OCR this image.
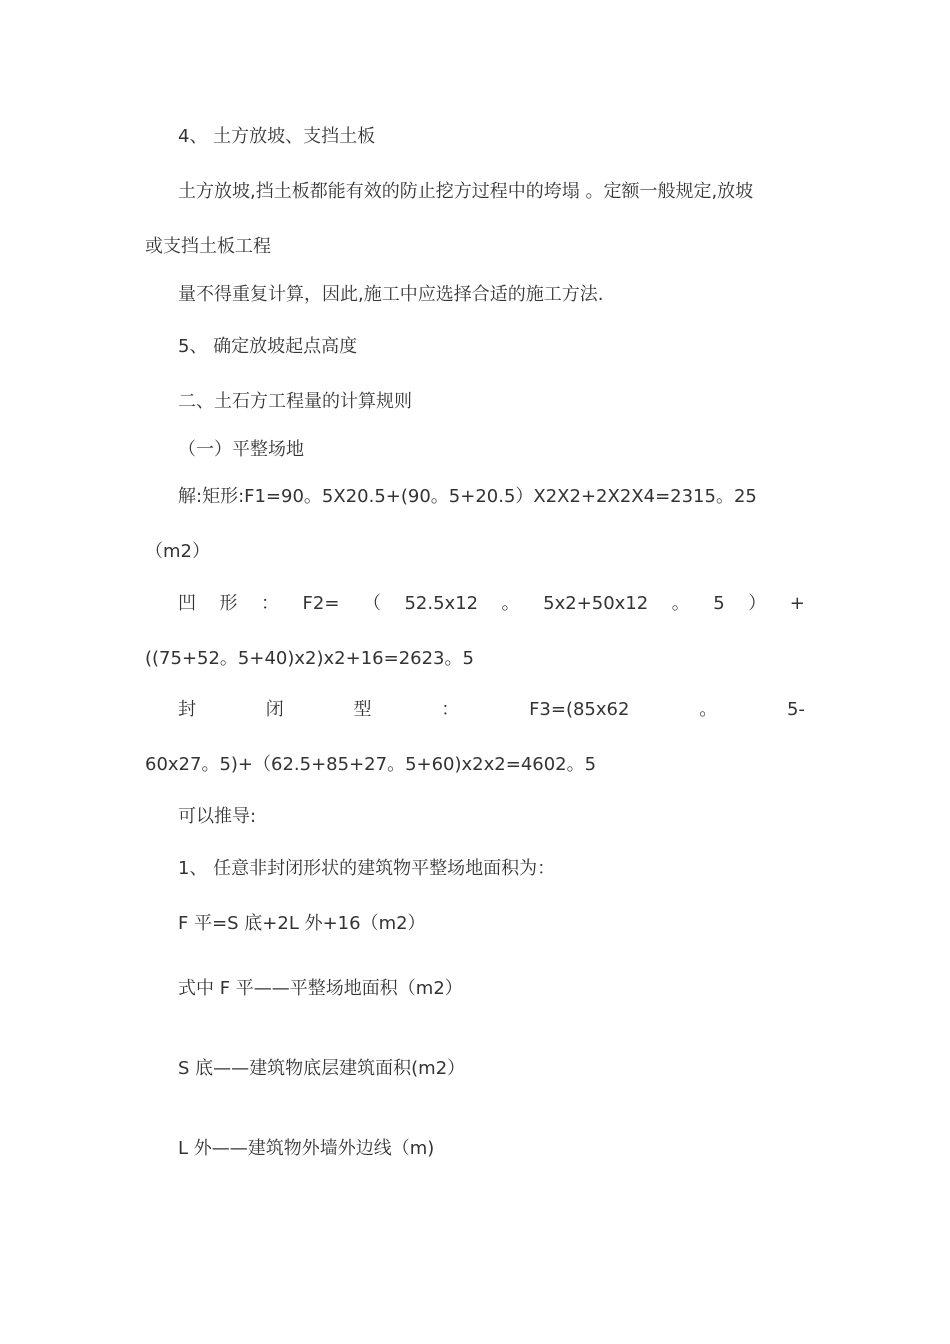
4、 土方放坡、支挡土板

土方放坡,挡土板都能有效的防止挖方过程中的垮塌 。定额一般规定,放坡

或支挡土板工程

量不得重复计算，因此,施工中应选择合适的施工方法.

5、 确定放坡起点高度

二、土石方工程量的计算规则

（一）平整场地

解:矩形:F1=90。5X20.5+(90。5+20.5）X2X2+2X2X4=2315。25

（m2）

凹 形 ： F2= （ 52.5x12 。 5x2+50x12 。 5 ） +

((75+52。5+40)x2)x2+16=2623。5

封	闭	型	：	F3=(85x62	。	5-

60x27。5)+（62.5+85+27。5+60)x2x2=4602。5

可以推导:

1、 任意非封闭形状的建筑物平整场地面积为：

F 平=S 底+2L 外+16（m2）

式中 F 平——平整场地面积（m2）

S 底——建筑物底层建筑面积(m2）

L 外——建筑物外墙外边线（m)
